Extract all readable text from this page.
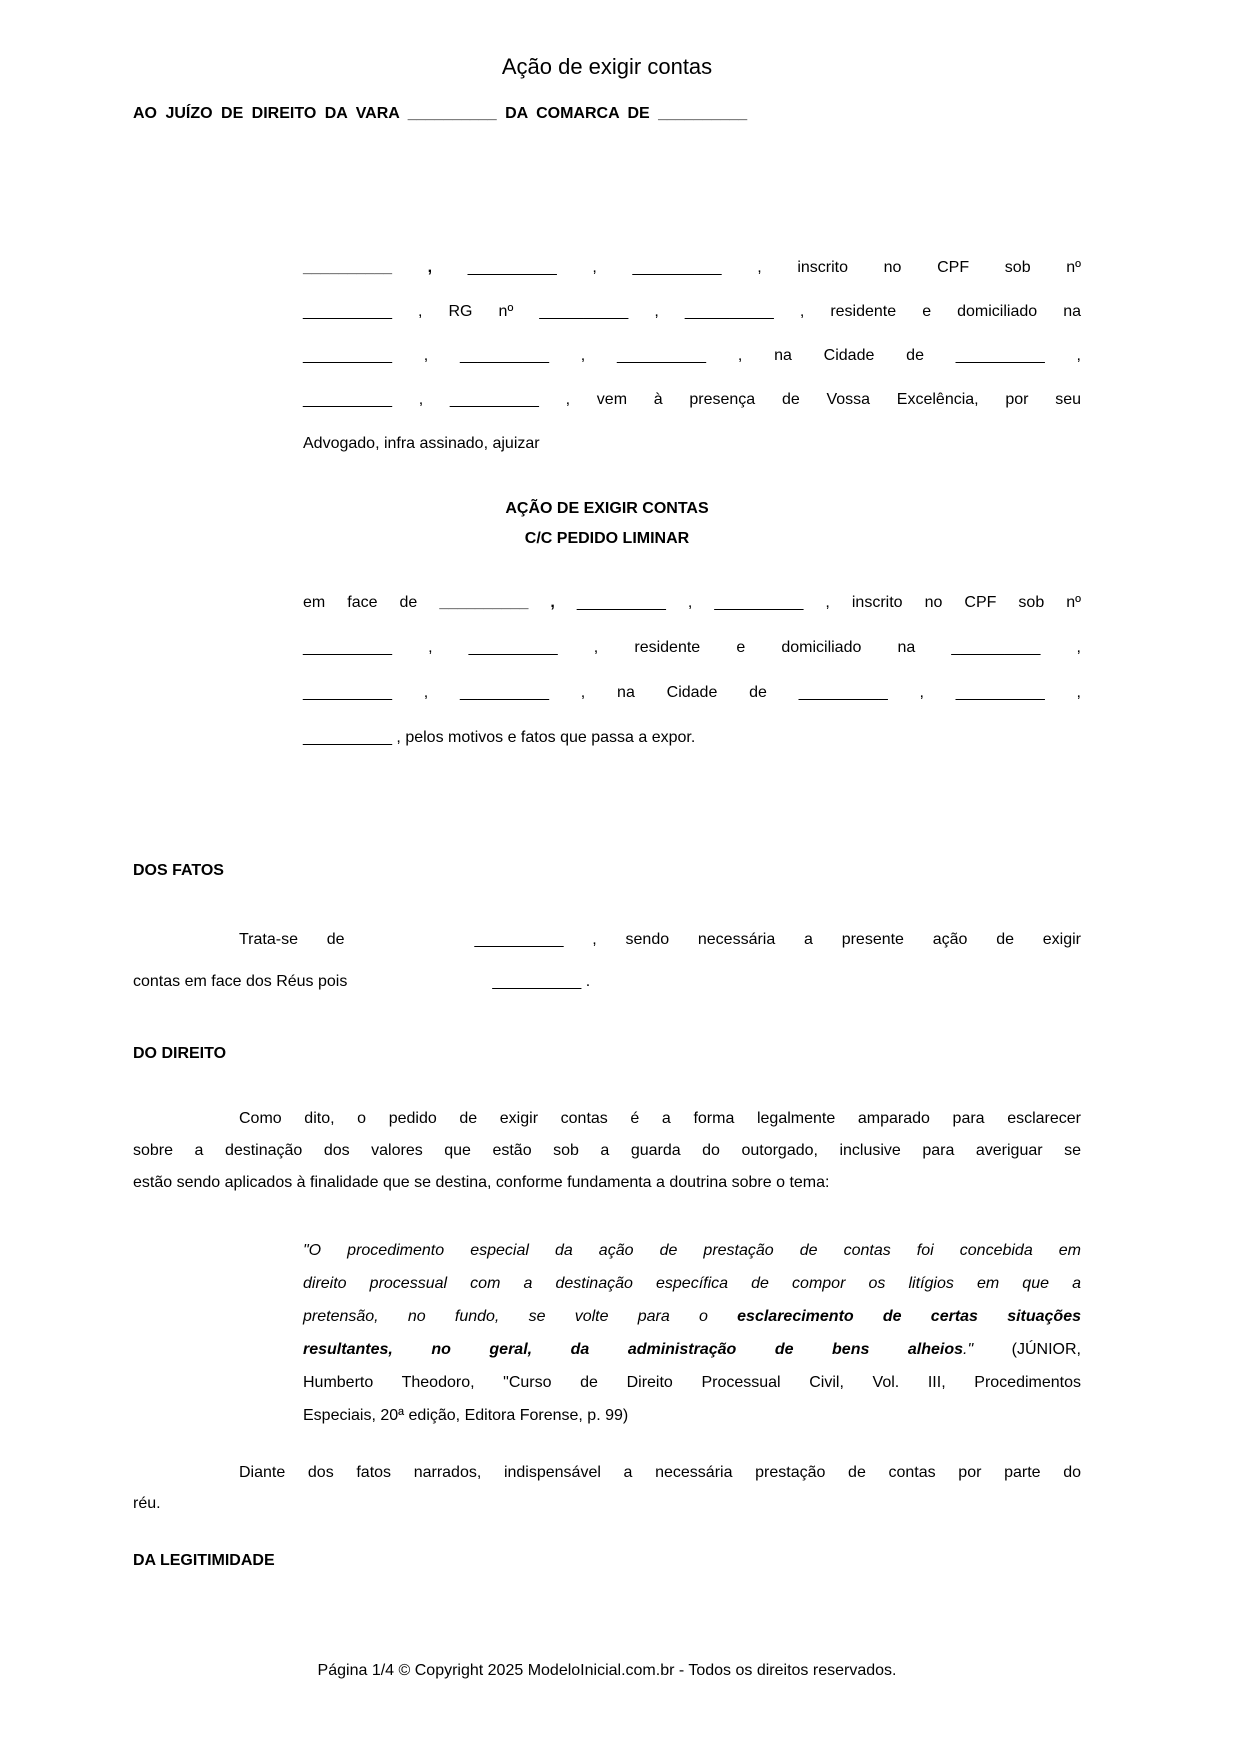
Ação de exigir contas
AO JUÍZO DE DIREITO DA VARA __________ DA COMARCA DE __________
__________ , __________ , __________ , inscrito no CPF sob nº
__________ , RG nº __________ , __________ , residente e domiciliado na
__________ , __________ , __________ , na Cidade de __________ ,
__________ , __________ , vem à presença de Vossa Excelência, por seu
Advogado, infra assinado, ajuizar
AÇÃO DE EXIGIR CONTAS
C/C PEDIDO LIMINAR
em face de __________ , __________ , __________ , inscrito no CPF sob nº
__________ , __________ , residente e domiciliado na __________ ,
__________ , __________ , na Cidade de __________ , __________ ,
__________ , pelos motivos e fatos que passa a expor.
DOS FATOS
Trata-se de	__________ , sendo necessária a presente ação de exigir
contas em face dos Réus pois	__________ .
DO DIREITO
Como dito, o pedido de exigir contas é a forma legalmente amparado para esclarecer
sobre a destinação dos valores que estão sob a guarda do outorgado, inclusive para averiguar se
estão sendo aplicados à finalidade que se destina, conforme fundamenta a doutrina sobre o tema:
"O procedimento especial da ação de prestação de contas foi concebida em
direito processual com a destinação específica de compor os litígios em que a
pretensão, no fundo, se volte para o esclarecimento de certas situações
resultantes, no geral, da administração de bens alheios." (JÚNIOR,
Humberto Theodoro, "Curso de Direito Processual Civil, Vol. III, Procedimentos
Especiais, 20ª edição, Editora Forense, p. 99)
Diante dos fatos narrados, indispensável a necessária prestação de contas por parte do
réu.
DA LEGITIMIDADE
Página 1/4 © Copyright 2025 ModeloInicial.com.br - Todos os direitos reservados.
